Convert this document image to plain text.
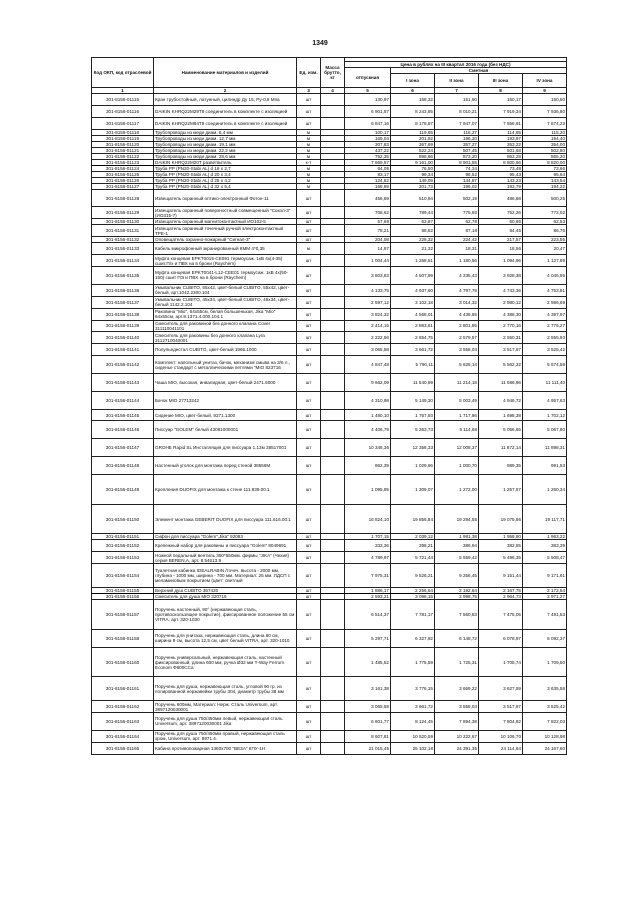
1349
Код ОКП, код отраслевой	Наименование материалов и изделий	Ед. изм.	Масса брутто, кг					
				Цена в рублях на III квартал 2016 года (без НДС)				
				отпускная	Сметная			
					I зона	II зона	III зона	IV зона
1	2	3	4	5	6	7	8	9
301-8156-01115	Кран трубостойный, латунный, цилиндр Ду 15, Ру-0,8 Мпа	шт		130,97	158,32	151,90	150,17	150,50
301-8156-01116	DAIKIN KHRQ22M29T9 соединитель в комплекте с изоляцией	шт		6 901,57	8 243,85	8 010,21	7 919,34	7 936,80
301-8156-01117	DAIKIN KHRQ22M64T9 соединитель в комплекте с изоляцией	шт		6 847,16	8 178,87	7 947,07	7 856,91	7 874,23
301-8156-01118	Трубопроводы из меди диам. 6,4 мм	м		100,17	119,65	116,27	114,95	115,20
301-8156-01119	Трубопроводы из меди диам. 12,7 мм	м		169,04	201,92	196,20	193,97	194,40
301-8156-01120	Трубопроводы из меди диам. 19,1 мм	м		307,83	367,69	357,27	353,22	354,00
301-8156-01121	Трубопроводы из меди диам. 22,2 мм	м		437,22	522,24	507,45	501,68	502,80
301-8156-01122	Трубопроводы из меди диам. 28,6 мм	м		752,35	898,66	873,20	863,28	865,20
301-8156-01123	DAIKIN KHRQ22M20T разветвитель	к-т		7 669,57	9 161,00	8 901,55	8 800,66	8 820,00
301-8156-01124	Труба PP (PN20-Stabi AL) d 16 х 2,7	м		64,05	76,50	74,34	73,48	73,66
301-8156-01125	Труба PP (PN20-Stabi AL) d 20 х 3,4	м		83,17	99,34	96,52	95,43	95,64
301-8156-01126	Труба PP (PN20-Stabi AL) d 25 х 4,2	м		124,82	149,09	144,87	143,23	143,54
301-8156-01127	Труба PP (PN20-Stabi AL) d 32 х 5,4	м		168,89	201,73	196,02	193,79	194,22
301-8156-01128	Извещатель охранный оптико-электронный Фотон-11	шт		456,69	510,94	502,19	486,68	500,25
301-8156-01129	Извещатель охранный поверхностный совмещенный "Сокол-3" (ИО315-7)	шт		708,62	789,44	775,93	752,26	772,02
301-8156-01130	Извещатель охранный магнитоконтактный ИО102-5	шт		57,69	63,87	62,78	60,86	62,53
301-8156-01131	Извещатель охранный точечный ручной электроконтактный ТРЕ-1	шт		78,21	88,82	87,18	84,45	86,76
301-8156-01132	Оповещатель охранно-пожарный "Сигнал-3"	шт		204,08	228,32	224,42	217,57	223,55
301-8156-01133	Кабель микрофонный экранированный КММ 4*0,35	м		14,97	21,32	18,31	18,56	20,47
301-8156-01134	Муфта концевая EPKT0015-CE091 термоусаж. 1кВ 4х(4-35) сшит.П/э и ПВХ на в брони (Raychem)	шт		1 004,44	1 258,51	1 180,56	1 094,96	1 127,89
301-8156-01135	Муфта концевая EPKT0041-L12-CEE01 термоусаж. 1кВ 4х(50-150) сшит ПЭ и ПВХ на в брони (Raychem)	шт		3 603,83	4 507,99	4 235,43	3 928,38	4 046,55
301-8156-01136	Умывальник CUBITO, 55х42, цвет-белый CUBITO, 55х42, цвет-белый, арт.1042.2300.104	шт		4 133,75	4 937,60	4 797,78	4 743,36	4 753,81
301-8156-01137	Умывальник CUBITO, 45х34, цвет-белый CUBITO, 45х34, цвет-белый 1142.2.104	шт		2 597,12	3 102,18	3 014,32	2 980,12	2 986,69
301-8156-01138	Раковина "Mio", 64х55см, белая большенькая, Jika "Mio" 64х55см, арт.8.1371.4.000.104.1	шт		3 824,32	4 568,01	4 438,65	4 388,30	4 397,97
301-8156-01139	Смеситель для раковиной без донного клапана Cover 311110041101	шт		2 414,15	2 883,61	2 801,95	2 770,16	2 776,27
301-8156-01140	Смеситель для раковины без донного клапана Lyra 3112710040001	шт		2 222,56	2 654,75	2 579,57	2 550,31	2 555,93
301-8156-01141	Полупьедестал CUBITO, цвет-белый 1966.1000	шт		3 065,58	3 661,72	3 558,03	3 517,67	3 525,42
301-8156-01142	Комплект: напольный унитаз, бачок, механизм смыва на 3/6 л., сиденье стандарт с металлическими петлями "MIO 823716	шт		4 847,48	5 790,11	5 626,14	5 562,32	5 574,58
301-8156-01143	Чаша MIO, высокая, инвалидная, цвет-белый 2471.6000	шт		9 662,09	11 540,99	11 214,18	11 086,96	11 111,40
301-8156-01144	Бачок MIO 27713242	шт		4 310,98	5 149,30	5 003,49	4 946,72	4 957,63
301-8156-01145	Сидение MIO, цвет-белый, 9271.1300	шт		1 480,10	1 767,93	1 717,86	1 698,38	1 702,12
301-8156-01146	Писсуар "GOLEM" белый 43061000001	шт		4 406,79	5 263,73	5 114,68	5 056,65	5 067,80
301-8156-01147	GROHE Rapid SL Инсталляция для писсуара 1,13м 38517001	шт		10 346,36	12 358,33	12 008,37	11 872,14	11 898,31
301-8156-01148	Настенный уголок для монтажа перед стеной 38556М	шт		862,39	1 029,66	1 000,70	989,35	991,53
301-8156-01149	Крепления DUOFIX для монтажа к стене 111.839.00.1	шт		1 095,95	1 309,07	1 272,00	1 257,57	1 260,34
301-8156-01150	Элемент монтажа GEBERIT DUOFIX для писсуара 111.616.00.1	шт		16 824,10	19 856,84	19 294,55	19 075,66	19 117,71
301-8156-01151	Сифон для писсуара "Golem",Jika" 92083	шт		1 707,15	2 039,12	1 981,38	1 958,90	1 963,22
301-8156-01152	Крепежный набор для раковины и писсуара "Golem" 8049691	шт		333,36	398,21	386,94	382,55	383,39
301-8156-01153	Ножной педальный вентиль 350*550мм. фирмы "JIKA" (Чехия) серия BEREN,А, арт. 8.54613.9	шт		4 789,97	5 721,44	5 559,42	5 496,35	5 508,47
301-8156-01154	Туалетная кабинка IDEALRABIN /точеч. высота - 2000 мм, глубина - 1000 мм, ширина - 700 мм. Материал: 25 мм. ЛДСП с меламиновым покрытием (цвет: светлый	шт		7 975,31	9 526,21	9 256,45	9 151,44	9 171,61
301-8156-01155	Верхний душ CUBITO 367420	шт		1 886,17	2 256,64	2 192,84	2 167,75	2 172,54
301-8156-01156	Смеситель для душа MIO 320716	шт		2 593,21	3 098,15	2 998,75	2 964,73	2 971,27
301-8156-01157	Поручень настенный, 90° (нержавеющая сталь, противоскользящее покрытие), фиксированное положение 55 см VITRA, арт. 320-1030	шт		6 514,37	7 781,17	7 560,83	7 475,05	7 491,53
301-8156-01158	Поручень для унитаза, нержавеющая сталь, длина 60 см, ширина 9 см, высота 12,5 см, цвет белый VITRA, арт. 320-1010	шт		5 297,71	6 327,92	6 148,72	6 078,97	6 092,37
301-8156-01160	Поручень универсальный, нержавеющая сталь, настенный фиксированный, длина 600 мм, ручка Ø32 мм Т-Way Ferrum Econom Ф600ССа	шт		1 485,52	1 775,59	1 725,31	1 705,74	1 709,50
301-8156-01161	Поручень для душа, нержавеющая сталь, угловой 90 гр. из полированной нержавейки трубы 304, диаметр трубы 38 мм	шт		3 161,38	3 776,15	3 669,22	3 627,59	3 635,58
301-8156-01162	Поручень 600мм, Материал: Нерж. Сталь Universum, арт. 3897120030001	шт		3 065,58	3 661,72	3 558,03	3 517,67	3 525,42
301-8156-01163	Поручень для душа 750/450мм левый, нержавеющая сталь Universum, арт. 3897120030001 Jika	шт		6 601,77	8 124,45	7 894,38	7 804,82	7 822,03
301-8156-01164	Поручень для душа 750/450мм правый, нержавеющая сталь хром, Universum, арт. 8971.4.	шт		8 607,81	10 520,59	10 222,67	10 106,70	10 128,98
301-8156-01165	Кабина противопожарная 1360х700 "ВЕЗА" КПУ-1Н	шт		21 015,45	25 102,18	24 391,35	24 114,64	24 167,60
